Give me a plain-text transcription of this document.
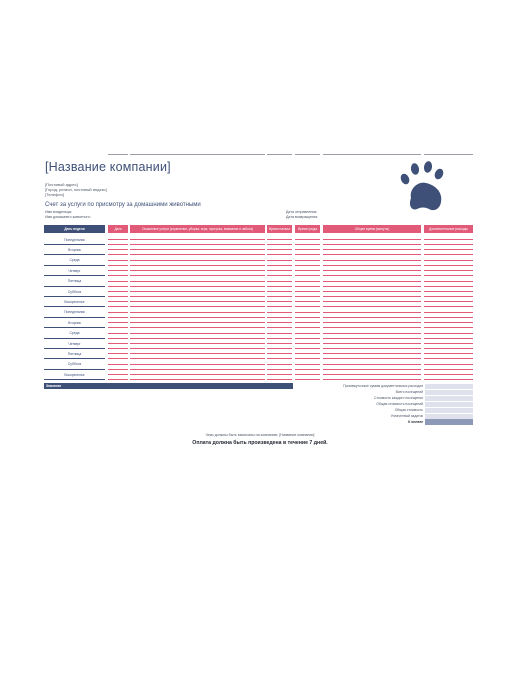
[Название компании]
[Почтовый адрес]
[Город, регион, почтовый индекс]
[Телефон]
Счет за услуги по присмотру за домашними животными
Имя владельца:
Имя домашнего животного:
Дата отправления:
Дата возвращения:
День недели	Дата	Оказанные услуги (кормление, уборка, игра, прогулка, внимание и забота)	Время начала	Время ухода	Общее время (минуты)	Дополнительные расходы
Понедельник
Вторник
Среда
Четверг
Пятница
Суббота
Воскресенье
Понедельник
Вторник
Среда
Четверг
Пятница
Суббота
Воскресенье
Значения	Промежуточные суммы документальных расходов
Всего посещений
Стоимость каждого посещения
Общая стоимость посещений
Общая стоимость
Уплаченный задаток
К оплате
Чеки должны быть выписаны на компанию: [Название компании]
Оплата должна быть произведена в течение 7 дней.
